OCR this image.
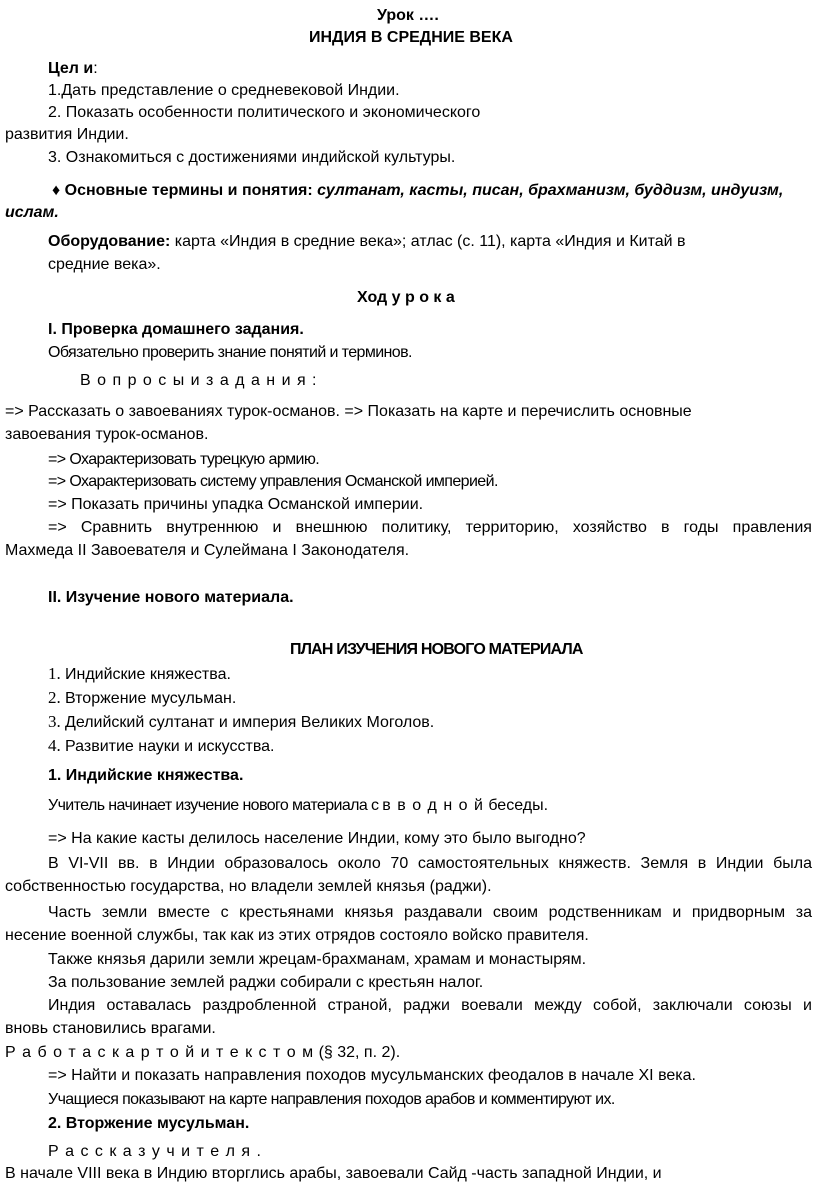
Урок ….
ИНДИЯ В СРЕДНИЕ ВЕКА
Цел и:
1.Дать представление о средневековой Индии.
2. Показать особенности политического и экономического
развития Индии.
3. Ознакомиться с достижениями индийской культуры.
♦ Основные термины и понятия: султанат, касты, писан, брахманизм, буддизм, индуизм,
ислам.
Оборудование: карта «Индия в средние века»; атлас (с. 11), карта «Индия и Китай в
средние века».
Ход у р о к а
I. Проверка домашнего задания.
Обязательно проверить знание понятий и терминов.
В о п р о с ы и з а д а н и я :
=> Рассказать о завоеваниях турок-османов. => Показать на карте и перечислить основные
завоевания турок-османов.
=> Охарактеризовать турецкую армию.
=> Охарактеризовать систему управления Османской империей.
=> Показать причины упадка Османской империи.
=> Сравнить внутреннюю и внешнюю политику, территорию, хозяйство в годы правления
Махмеда II Завоевателя и Сулеймана I Законодателя.
II. Изучение нового материала.
ПЛАН ИЗУЧЕНИЯ НОВОГО МАТЕРИАЛА
1. Индийские княжества.
2. Вторжение мусульман.
3. Делийский султанат и империя Великих Моголов.
4. Развитие науки и искусства.
1. Индийские княжества.
Учитель начинает изучение нового материала с в в о д н о й беседы.
=> На какие касты делилось население Индии, кому это было выгодно?
В VI-VII вв. в Индии образовалось около 70 самостоятельных княжеств. Земля в Индии была
собственностью государства, но владели землей князья (раджи).
Часть земли вместе с крестьянами князья раздавали своим родственникам и придворным за
несение военной службы, так как из этих отрядов состояло войско правителя.
Также князья дарили земли жрецам-брахманам, храмам и монастырям.
За пользование землей раджи собирали с крестьян налог.
Индия оставалась раздробленной страной, раджи воевали между собой, заключали союзы и
вновь становились врагами.
Р а б о т а с к а р т о й и т е к с т о м (§ 32, п. 2).
=> Найти и показать направления походов мусульманских феодалов в начале XI века.
Учащиеся показывают на карте направления походов арабов и комментируют их.
2. Вторжение мусульман.
Р а с с к а з у ч и т е л я .
В начале VIII века в Индию вторглись арабы, завоевали Сайд -часть западной Индии, и
